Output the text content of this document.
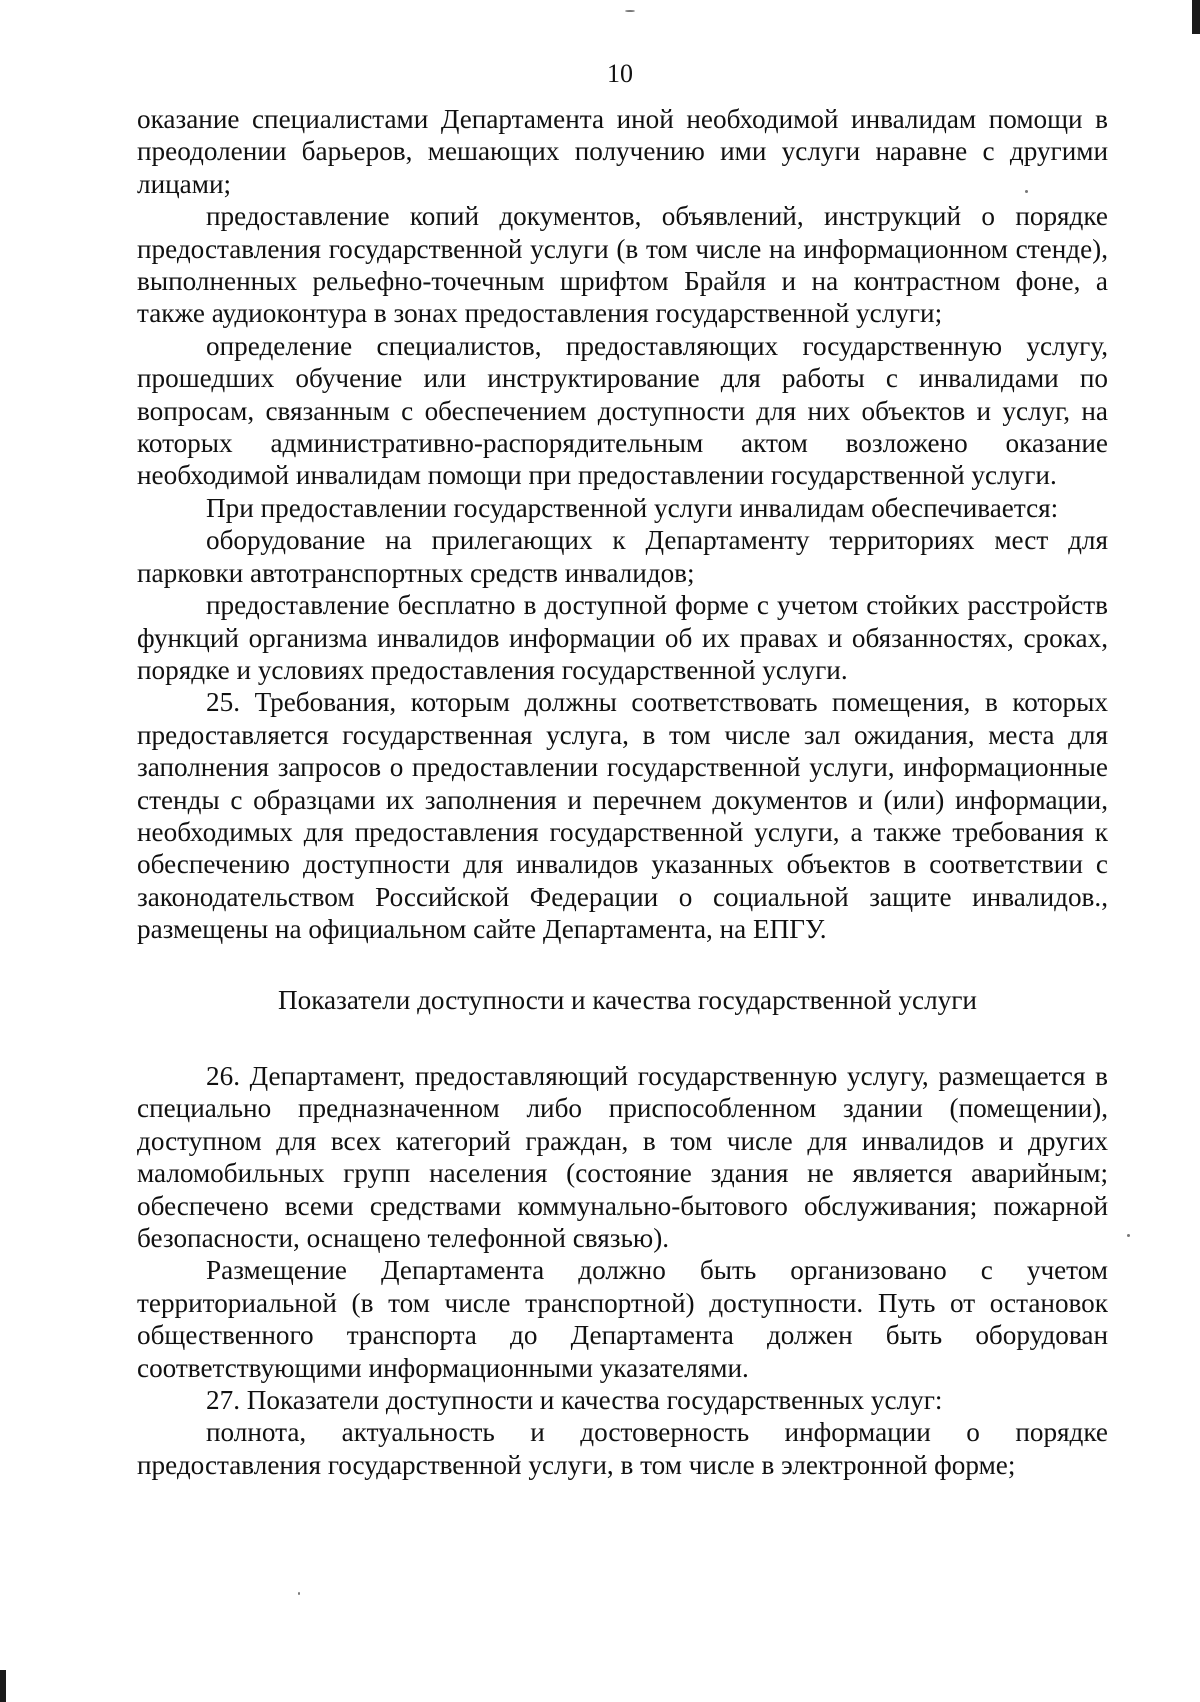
10

оказание специалистами Департамента иной необходимой инвалидам помощи в преодолении барьеров, мешающих получению ими услуги наравне с другими лицами;

предоставление копий документов, объявлений, инструкций о порядке предоставления государственной услуги (в том числе на информационном стенде), выполненных рельефно-точечным шрифтом Брайля и на контрастном фоне, а также аудиоконтура в зонах предоставления государственной услуги;

определение специалистов, предоставляющих государственную услугу, прошедших обучение или инструктирование для работы с инвалидами по вопросам, связанным с обеспечением доступности для них объектов и услуг, на которых административно-распорядительным актом возложено оказание необходимой инвалидам помощи при предоставлении государственной услуги.

При предоставлении государственной услуги инвалидам обеспечивается:

оборудование на прилегающих к Департаменту территориях мест для парковки автотранспортных средств инвалидов;

предоставление бесплатно в доступной форме с учетом стойких расстройств функций организма инвалидов информации об их правах и обязанностях, сроках, порядке и условиях предоставления государственной услуги.

25. Требования, которым должны соответствовать помещения, в которых предоставляется государственная услуга, в том числе зал ожидания, места для заполнения запросов о предоставлении государственной услуги, информационные стенды с образцами их заполнения и перечнем документов и (или) информации, необходимых для предоставления государственной услуги, а также требования к обеспечению доступности для инвалидов указанных объектов в соответствии с законодательством Российской Федерации о социальной защите инвалидов., размещены на официальном сайте Департамента, на ЕПГУ.

Показатели доступности и качества государственной услуги

26. Департамент, предоставляющий государственную услугу, размещается в специально предназначенном либо приспособленном здании (помещении), доступном для всех категорий граждан, в том числе для инвалидов и других маломобильных групп населения (состояние здания не является аварийным; обеспечено всеми средствами коммунально-бытового обслуживания; пожарной безопасности, оснащено телефонной связью).

Размещение Департамента должно быть организовано с учетом территориальной (в том числе транспортной) доступности. Путь от остановок общественного транспорта до Департамента должен быть оборудован соответствующими информационными указателями.

27. Показатели доступности и качества государственных услуг:

полнота, актуальность и достоверность информации о порядке предоставления государственной услуги, в том числе в электронной форме;
